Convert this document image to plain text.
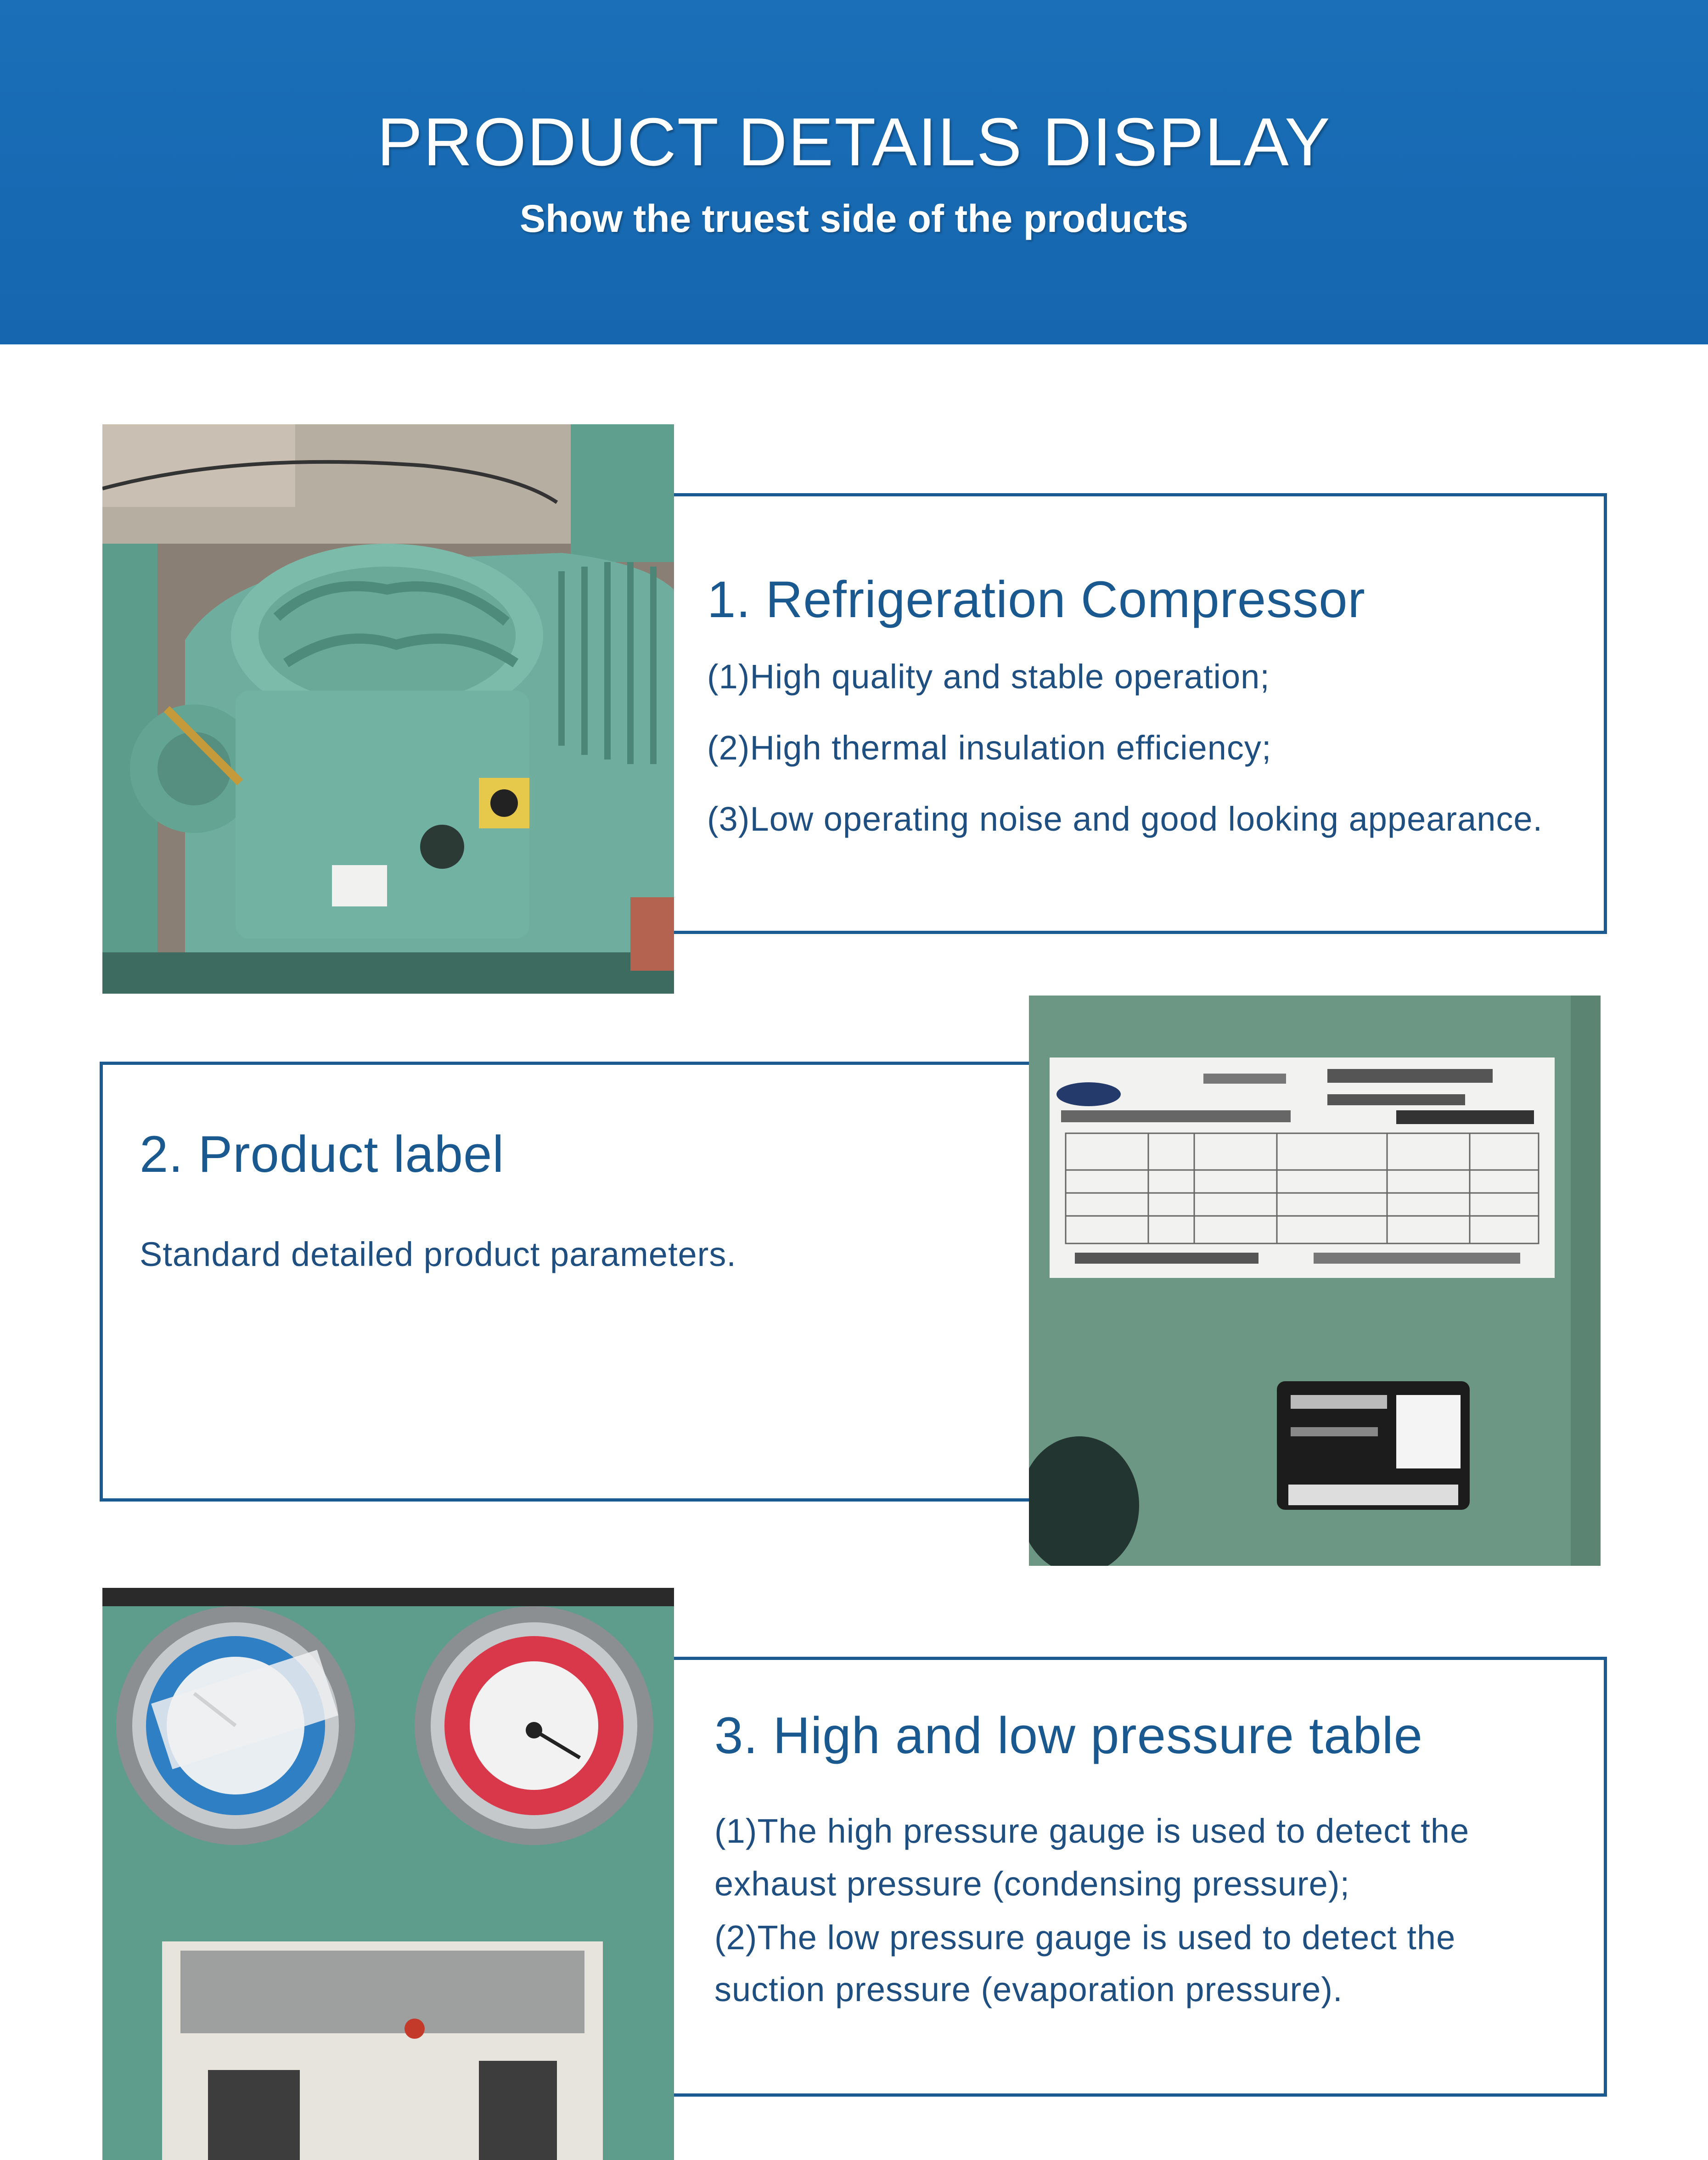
PRODUCT DETAILS DISPLAY

Show the truest side of the products

1. Refrigeration Compressor
(1)High quality and stable operation;
(2)High thermal insulation efficiency;
(3)Low operating noise and good looking appearance.
2. Product label
Standard detailed product parameters.
3. High and low pressure table
(1)The high pressure gauge is used to detect the
exhaust pressure (condensing pressure);
(2)The low pressure gauge is used to detect the
suction pressure (evaporation pressure).
